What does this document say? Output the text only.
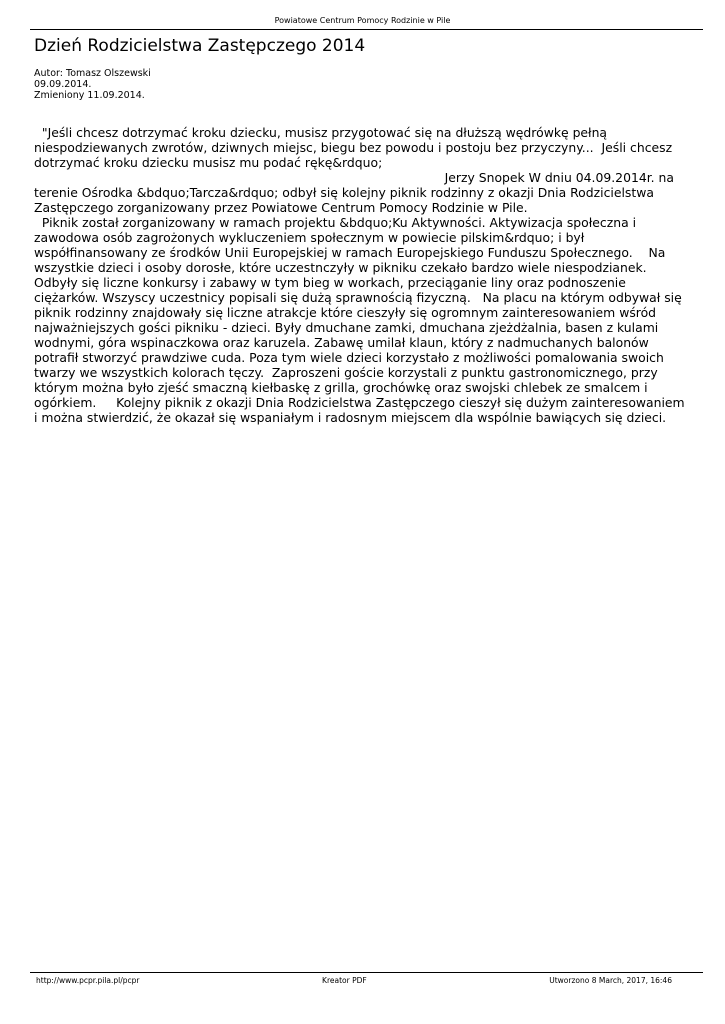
Powiatowe Centrum Pomocy Rodzinie w Pile
Dzień Rodzicielstwa Zastępczego 2014
Autor: Tomasz Olszewski
09.09.2014.
Zmieniony 11.09.2014.
"Jeśli chcesz dotrzymać kroku dziecku, musisz przygotować się na dłuższą wędrówkę pełną
niespodziewanych zwrotów, dziwnych miejsc, biegu bez powodu i postoju bez przyczyny...  Jeśli chcesz
dotrzymać kroku dziecku musisz mu podać rękę&rdquo;
Jerzy Snopek W dniu 04.09.2014r. na
terenie Ośrodka &bdquo;Tarcza&rdquo; odbył się kolejny piknik rodzinny z okazji Dnia Rodzicielstwa
Zastępczego zorganizowany przez Powiatowe Centrum Pomocy Rodzinie w Pile.
Piknik został zorganizowany w ramach projektu &bdquo;Ku Aktywności. Aktywizacja społeczna i
zawodowa osób zagrożonych wykluczeniem społecznym w powiecie pilskim&rdquo; i był
współfinansowany ze środków Unii Europejskiej w ramach Europejskiego Funduszu Społecznego.    Na
wszystkie dzieci i osoby dorosłe, które uczestnczyły w pikniku czekało bardzo wiele niespodzianek.
Odbyły się liczne konkursy i zabawy w tym bieg w workach, przeciąganie liny oraz podnoszenie
ciężarków. Wszyscy uczestnicy popisali się dużą sprawnością fizyczną.   Na placu na którym odbywał się
piknik rodzinny znajdowały się liczne atrakcje które cieszyły się ogromnym zainteresowaniem wśród
najważniejszych gości pikniku - dzieci. Były dmuchane zamki, dmuchana zjeżdżalnia, basen z kulami
wodnymi, góra wspinaczkowa oraz karuzela. Zabawę umilał klaun, który z nadmuchanych balonów
potrafił stworzyć prawdziwe cuda. Poza tym wiele dzieci korzystało z możliwości pomalowania swoich
twarzy we wszystkich kolorach tęczy.  Zaproszeni goście korzystali z punktu gastronomicznego, przy
którym można było zjeść smaczną kiełbaskę z grilla, grochówkę oraz swojski chlebek ze smalcem i
ogórkiem.     Kolejny piknik z okazji Dnia Rodzicielstwa Zastępczego cieszył się dużym zainteresowaniem
i można stwierdzić, że okazał się wspaniałym i radosnym miejscem dla wspólnie bawiących się dzieci.
http://www.pcpr.pila.pl/pcpr	Kreator PDF	Utworzono 8 March, 2017, 16:46
